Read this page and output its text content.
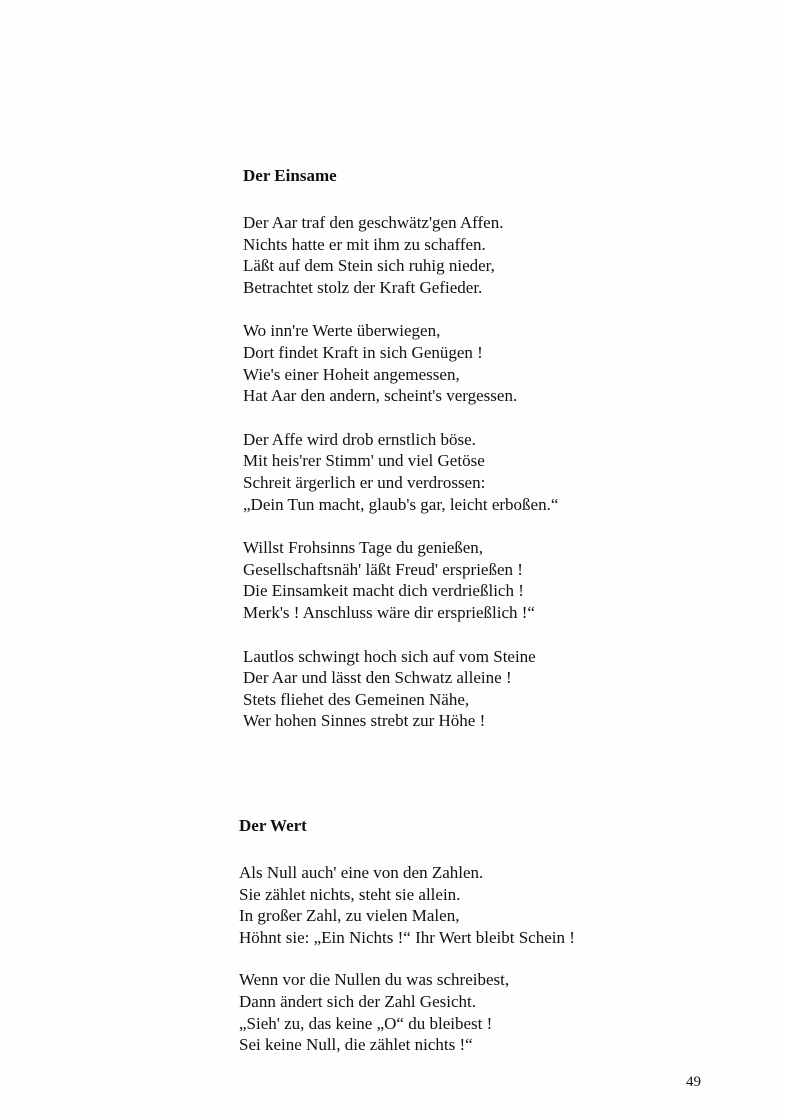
Der Einsame
Der Aar traf den geschwätz'gen Affen.
Nichts hatte er mit ihm zu schaffen.
Läßt auf dem Stein sich ruhig nieder,
Betrachtet stolz der Kraft Gefieder.
Wo inn're Werte überwiegen,
Dort findet Kraft in sich Genügen !
Wie's einer Hoheit angemessen,
Hat Aar den andern, scheint's vergessen.
Der Affe wird drob ernstlich böse.
Mit heis'rer Stimm' und viel Getöse
Schreit ärgerlich er und verdrossen:
„Dein Tun macht, glaub's gar, leicht erboßen.“
Willst Frohsinns Tage du genießen,
Gesellschaftsnäh' läßt Freud' ersprießen !
Die Einsamkeit macht dich verdrießlich !
Merk's ! Anschluss wäre dir ersprießlich !“
Lautlos schwingt hoch sich auf vom Steine
Der Aar und lässt den Schwatz alleine !
Stets fliehet des Gemeinen Nähe,
Wer hohen Sinnes strebt zur Höhe !
Der Wert
Als Null auch' eine von den Zahlen.
Sie zählet nichts, steht sie allein.
In großer Zahl, zu vielen Malen,
Höhnt sie: „Ein Nichts !“ Ihr Wert bleibt Schein !
Wenn vor die Nullen du was schreibest,
Dann ändert sich der Zahl Gesicht.
„Sieh' zu, das keine „O“ du bleibest !
Sei keine Null, die zählet nichts !“
49
